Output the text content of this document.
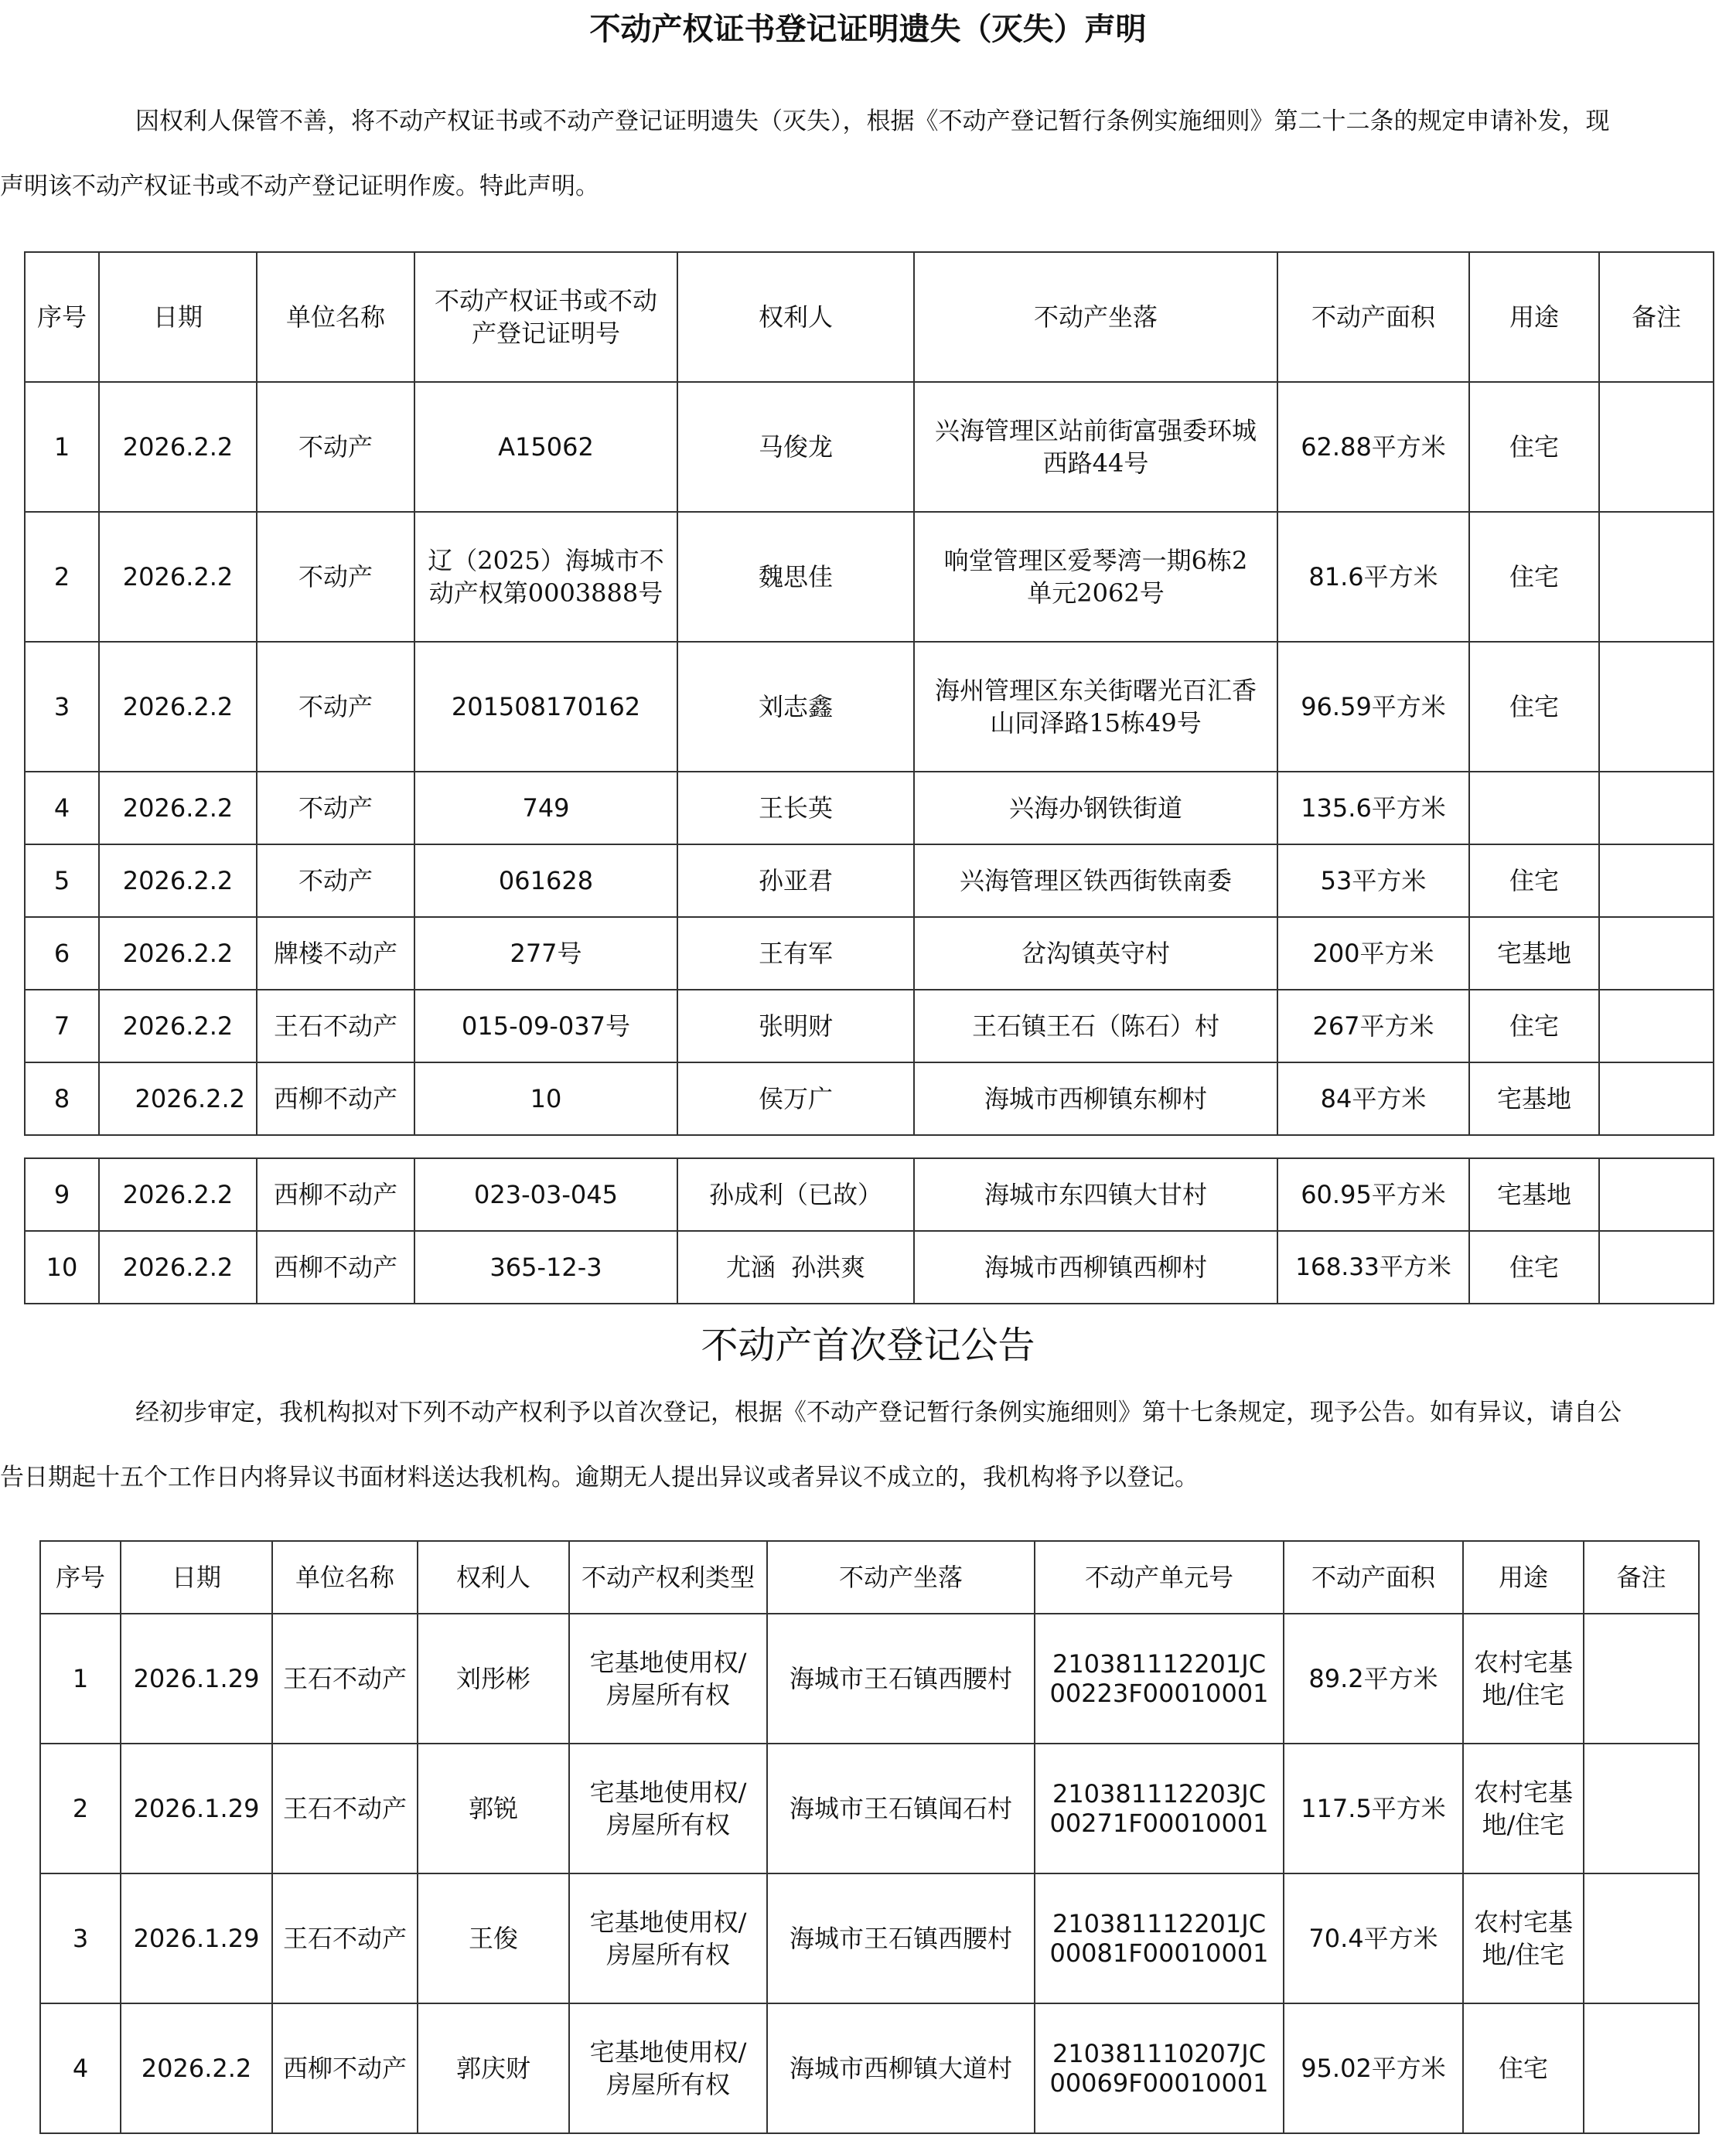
不动产权证书登记证明遗失（灭失）声明
因权利人保管不善，将不动产权证书或不动产登记证明遗失（灭失），根据《不动产登记暂行条例实施细则》第二十二条的规定申请补发，现
声明该不动产权证书或不动产登记证明作废。特此声明。
序号	日期	单位名称	不动产权证书或不动
产登记证明号	权利人	不动产坐落	不动产面积	用途	备注
1	2026.2.2	不动产	A15062	马俊龙	兴海管理区站前街富强委环城
西路44号	62.88平方米	住宅	
2	2026.2.2	不动产	辽（2025）海城市不
动产权第0003888号	魏思佳	响堂管理区爱琴湾一期6栋2
单元2062号	81.6平方米	住宅	
3	2026.2.2	不动产	201508170162	刘志鑫	海州管理区东关街曙光百汇香
山同泽路15栋49号	96.59平方米	住宅	
4	2026.2.2	不动产	749	王长英	兴海办钢铁街道	135.6平方米		
5	2026.2.2	不动产	061628	孙亚君	兴海管理区铁西街铁南委	53平方米	住宅	
6	2026.2.2	牌楼不动产	277号	王有军	岔沟镇英守村	200平方米	宅基地	
7	2026.2.2	王石不动产	015-09-037号	张明财	王石镇王石（陈石）村	267平方米	住宅	
8	2026.2.2	西柳不动产	10	侯万广	海城市西柳镇东柳村	84平方米	宅基地	
9	2026.2.2	西柳不动产	023-03-045	孙成利（已故）	海城市东四镇大甘村	60.95平方米	宅基地	
10	2026.2.2	西柳不动产	365-12-3	尤涵  孙洪爽	海城市西柳镇西柳村	168.33平方米	住宅	
不动产首次登记公告
经初步审定，我机构拟对下列不动产权利予以首次登记，根据《不动产登记暂行条例实施细则》第十七条规定，现予公告。如有异议，请自公
告日期起十五个工作日内将异议书面材料送达我机构。逾期无人提出异议或者异议不成立的，我机构将予以登记。
序号	日期	单位名称	权利人	不动产权利类型	不动产坐落	不动产单元号	不动产面积	用途	备注
1	2026.1.29	王石不动产	刘彤彬	宅基地使用权/
房屋所有权	海城市王石镇西腰村	210381112201JC
00223F00010001	89.2平方米	农村宅基
地/住宅	

2	2026.1.29	王石不动产	郭锐	宅基地使用权/
房屋所有权	海城市王石镇闻石村	210381112203JC
00271F00010001	117.5平方米	农村宅基
地/住宅	

3	2026.1.29	王石不动产	王俊	宅基地使用权/
房屋所有权	海城市王石镇西腰村	210381112201JC
00081F00010001	70.4平方米	农村宅基
地/住宅	

4	2026.2.2	西柳不动产	郭庆财	宅基地使用权/
房屋所有权	海城市西柳镇大道村	210381110207JC
00069F00010001	95.02平方米	住宅	
